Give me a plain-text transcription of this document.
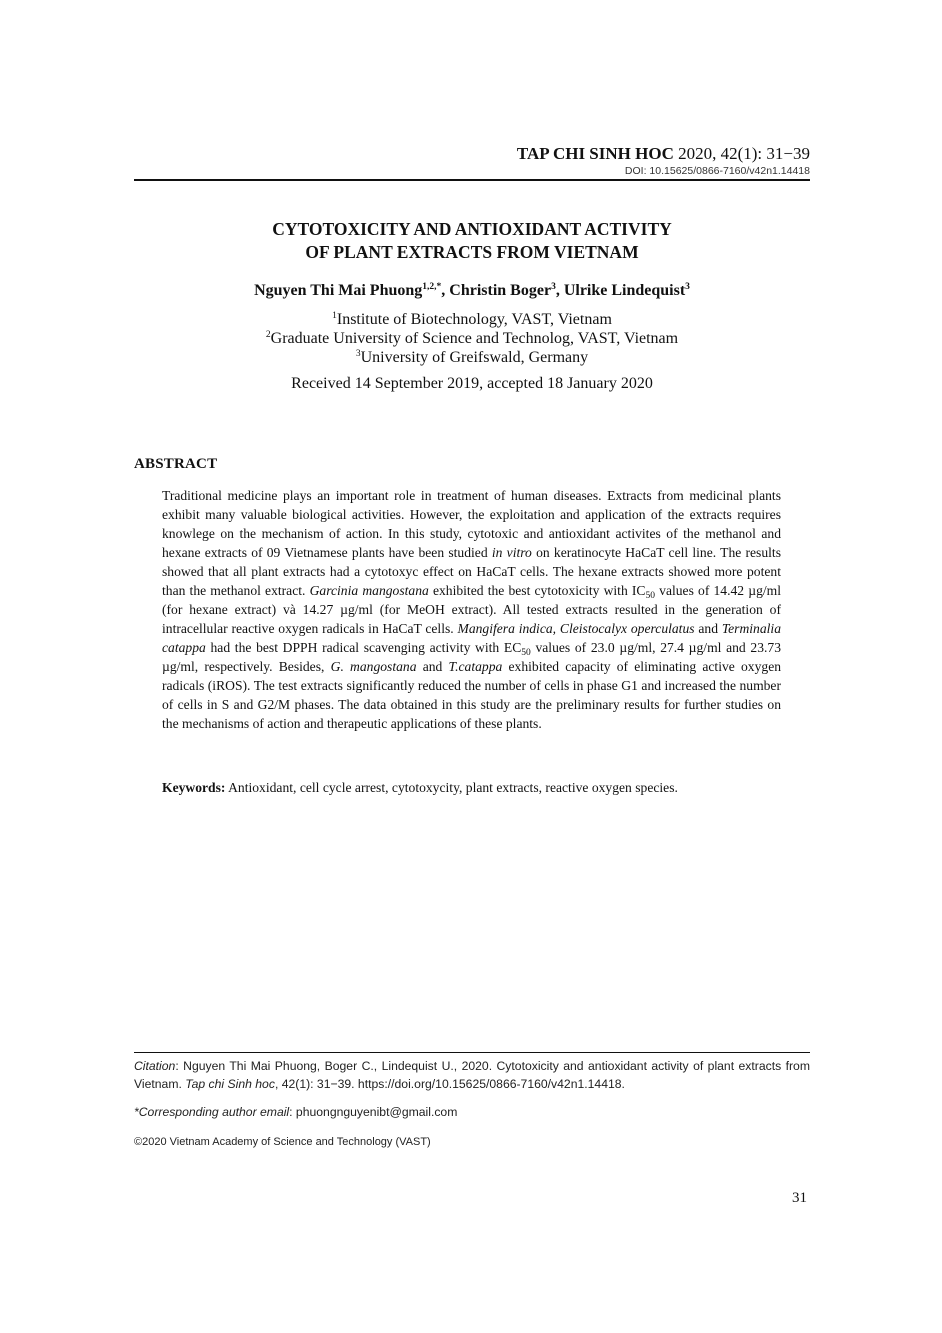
TAP CHI SINH HOC 2020, 42(1): 31−39
DOI: 10.15625/0866-7160/v42n1.14418
CYTOTOXICITY AND ANTIOXIDANT ACTIVITY
OF PLANT EXTRACTS FROM VIETNAM
Nguyen Thi Mai Phuong$^{1,2,*}$, Christin Boger$^3$, Ulrike Lindequist$^3$
$^1$Institute of Biotechnology, VAST, Vietnam
$^2$Graduate University of Science and Technolog, VAST, Vietnam
$^3$University of Greifswald, Germany
Received 14 September 2019, accepted 18 January 2020
ABSTRACT
Traditional medicine plays an important role in treatment of human diseases. Extracts from medicinal plants exhibit many valuable biological activities. However, the exploitation and application of the extracts requires knowlege on the mechanism of action. In this study, cytotoxic and antioxidant activites of the methanol and hexane extracts of 09 Vietnamese plants have been studied in vitro on keratinocyte HaCaT cell line. The results showed that all plant extracts had a cytotoxyc effect on HaCaT cells. The hexane extracts showed more potent than the methanol extract. Garcinia mangostana exhibited the best cytotoxicity with $IC_{50}$ values of 14.42 µg/ml (for hexane extract) và 14.27 µg/ml (for MeOH extract). All tested extracts resulted in the generation of intracellular reactive oxygen radicals in HaCaT cells. Mangifera indica, Cleistocalyx operculatus and Terminalia catappa had the best DPPH radical scavenging activity with $EC_{50}$ values of 23.0 µg/ml, 27.4 µg/ml and 23.73 µg/ml, respectively. Besides, G. mangostana and T.catappa exhibited capacity of eliminating active oxygen radicals (iROS). The test extracts significantly reduced the number of cells in phase G1 and increased the number of cells in S and G2/M phases. The data obtained in this study are the preliminary results for further studies on the mechanisms of action and therapeutic applications of these plants.
Keywords: Antioxidant, cell cycle arrest, cytotoxycity, plant extracts, reactive oxygen species.
Citation: Nguyen Thi Mai Phuong, Boger C., Lindequist U., 2020. Cytotoxicity and antioxidant activity of plant extracts from Vietnam. Tap chi Sinh hoc, 42(1): 31−39. https://doi.org/10.15625/0866-7160/v42n1.14418.
*Corresponding author email: phuongnguyenibt@gmail.com
©2020 Vietnam Academy of Science and Technology (VAST)
31
